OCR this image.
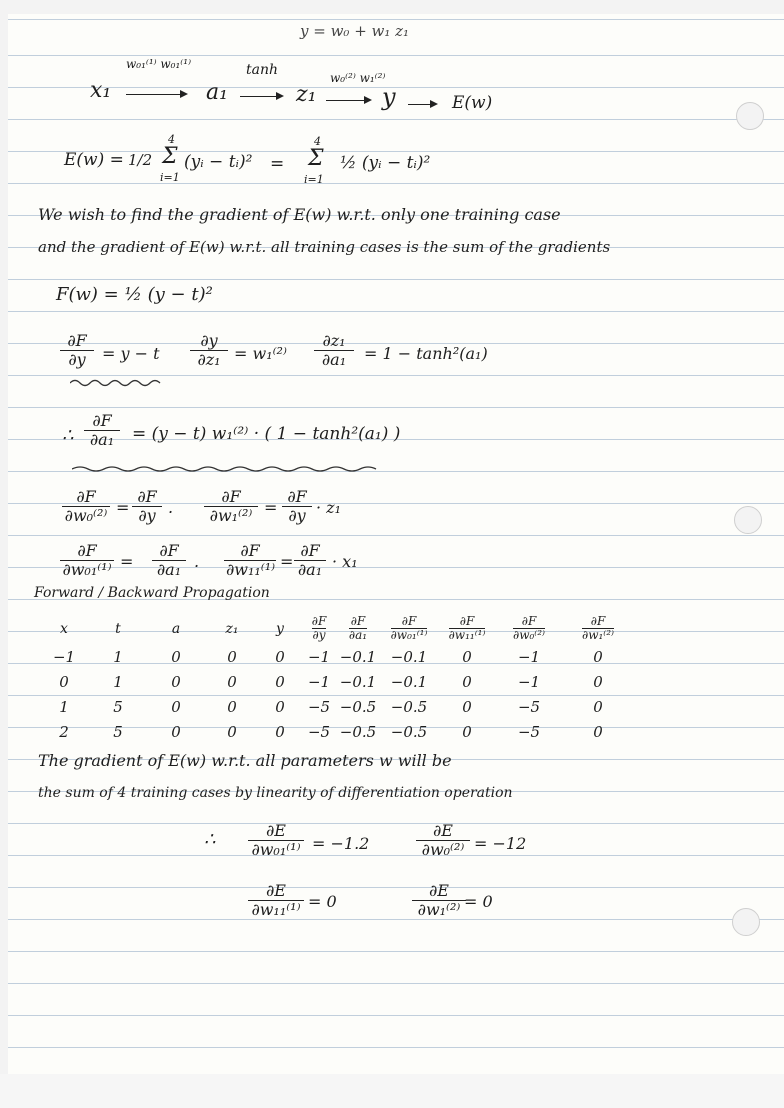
y = w₀ + w₁ z₁
x₁
w₀₁⁽¹⁾ w₀₁⁽¹⁾
a₁
tanh
z₁
w₀⁽²⁾ w₁⁽²⁾
y	E(w)
E(w) = 1/2
4
Σ
i=1
(yᵢ − tᵢ)² =
4
Σ
i=1
½ (yᵢ − tᵢ)²
We wish to find the gradient of E(w) w.r.t. only one training case
and the gradient of E(w) w.r.t. all training cases is the sum of the gradients
F(w) = ½ (y − t)²
$\frac{\partial F}{\partial y} = y - t \frac{\partial y}{\text{∂z₁}} = w_1^{(2)} \frac{\text{∂z₁}}{\text{∂a₁}} = 1 - \tanh^2(a_1)$
∴ $\frac{\partial F}{\text{∂a₁}} = (y - t) w_1^{(2)}$ · ( 1 − tanh²(a₁) )
$\frac{\partial F}{\text{∂w₀⁽²⁾}} = \frac{\partial F}{\partial y}$ . $\frac{\partial F}{\text{∂w₁⁽²⁾}} = \frac{\partial F}{\partial y} \cdot z_1$
$\frac{\partial F}{\text{∂w₀₁⁽¹⁾}} = \frac{\partial F}{\text{∂a₁}}$ . $\frac{\partial F}{\text{∂w₁₁⁽¹⁾}} = \frac{\partial F}{\text{∂a₁}} \cdot x_1$
Forward / Backward Propagation
x	t	a	z₁	y	$\frac{\partial F}{\partial y}$	$\frac{\partial F}{\text{∂a₁}}$	$\frac{\partial F}{\text{∂w₀₁⁽¹⁾}}$	$\frac{\partial F}{\text{∂w₁₁⁽¹⁾}}$	$\frac{\partial F}{\text{∂w₀⁽²⁾}}$	$\frac{\partial F}{\text{∂w₁⁽²⁾}}$

−1	1	0	0	0	−1	−0.1	−0.1	0	−1	0
0	1	0	0	0	−1	−0.1	−0.1	0	−1	0
1	5	0	0	0	−5	−0.5	−0.5	0	−5	0
2	5	0	0	0	−5	−0.5	−0.5	0	−5	0
The gradient of E(w) w.r.t. all parameters w will be
the sum of 4 training cases by linearity of differentiation operation
∴ $\frac{\partial E}{\text{∂w₀₁⁽¹⁾}} = -1.2$	$\frac{\partial E}{\text{∂w₀⁽²⁾}} = -12$
$\frac{\partial E}{\text{∂w₁₁⁽¹⁾}} = 0$	$\frac{\partial E}{\text{∂w₁⁽²⁾}}$
= 0
